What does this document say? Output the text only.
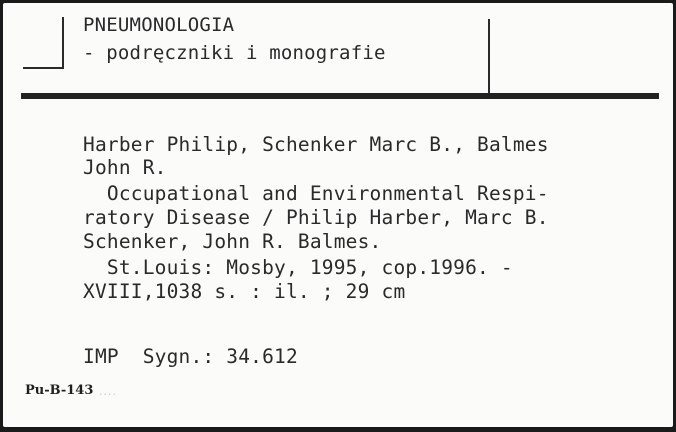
PNEUMONOLOGIA
- podręczniki i monografie
Harber Philip, Schenker Marc B., Balmes
John R.
Occupational and Environmental Respi-
ratory Disease / Philip Harber, Marc B.
Schenker, John R. Balmes.
St.Louis: Mosby, 1995, cop.1996. -
XVIII,1038 s. : il. ; 29 cm
IMP  Sygn.: 34.612
Pu-B-143 ....
